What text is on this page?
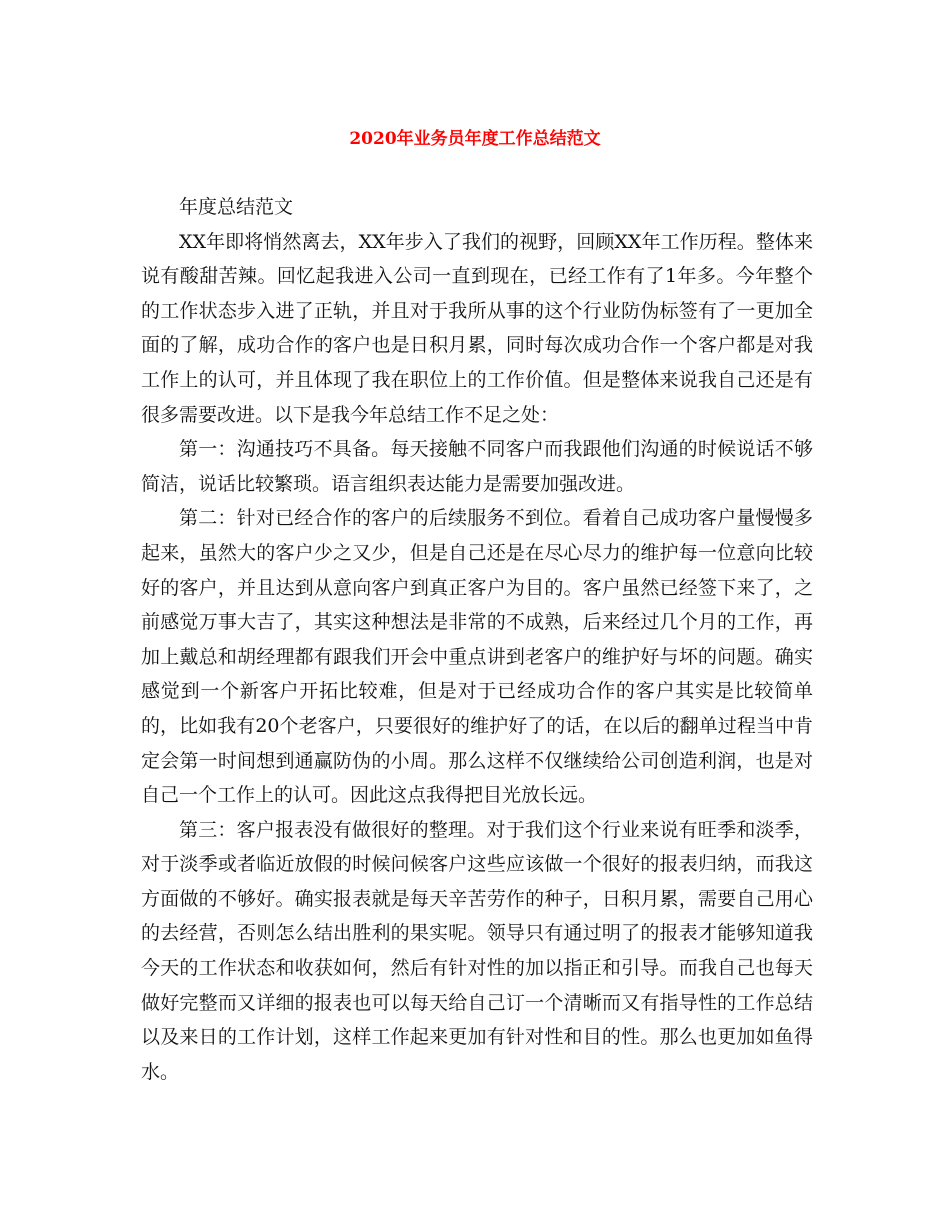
2020年业务员年度工作总结范文

年度总结范文

XX年即将悄然离去，XX年步入了我们的视野，回顾XX年工作历程。整体来说有酸甜苦辣。回忆起我进入公司一直到现在，已经工作有了1年多。今年整个的工作状态步入进了正轨，并且对于我所从事的这个行业防伪标签有了一更加全面的了解，成功合作的客户也是日积月累，同时每次成功合作一个客户都是对我工作上的认可，并且体现了我在职位上的工作价值。但是整体来说我自己还是有很多需要改进。以下是我今年总结工作不足之处：

第一：沟通技巧不具备。每天接触不同客户而我跟他们沟通的时候说话不够简洁，说话比较繁琐。语言组织表达能力是需要加强改进。

第二：针对已经合作的客户的后续服务不到位。看着自己成功客户量慢慢多起来，虽然大的客户少之又少，但是自己还是在尽心尽力的维护每一位意向比较好的客户，并且达到从意向客户到真正客户为目的。客户虽然已经签下来了，之前感觉万事大吉了，其实这种想法是非常的不成熟，后来经过几个月的工作，再加上戴总和胡经理都有跟我们开会中重点讲到老客户的维护好与坏的问题。确实感觉到一个新客户开拓比较难，但是对于已经成功合作的客户其实是比较简单的，比如我有20个老客户，只要很好的维护好了的话，在以后的翻单过程当中肯定会第一时间想到通赢防伪的小周。那么这样不仅继续给公司创造利润，也是对自己一个工作上的认可。因此这点我得把目光放长远。

第三：客户报表没有做很好的整理。对于我们这个行业来说有旺季和淡季，对于淡季或者临近放假的时候问候客户这些应该做一个很好的报表归纳，而我这方面做的不够好。确实报表就是每天辛苦劳作的种子，日积月累，需要自己用心的去经营，否则怎么结出胜利的果实呢。领导只有通过明了的报表才能够知道我今天的工作状态和收获如何，然后有针对性的加以指正和引导。而我自己也每天做好完整而又详细的报表也可以每天给自己订一个清晰而又有指导性的工作总结以及来日的工作计划，这样工作起来更加有针对性和目的性。那么也更加如鱼得水。
